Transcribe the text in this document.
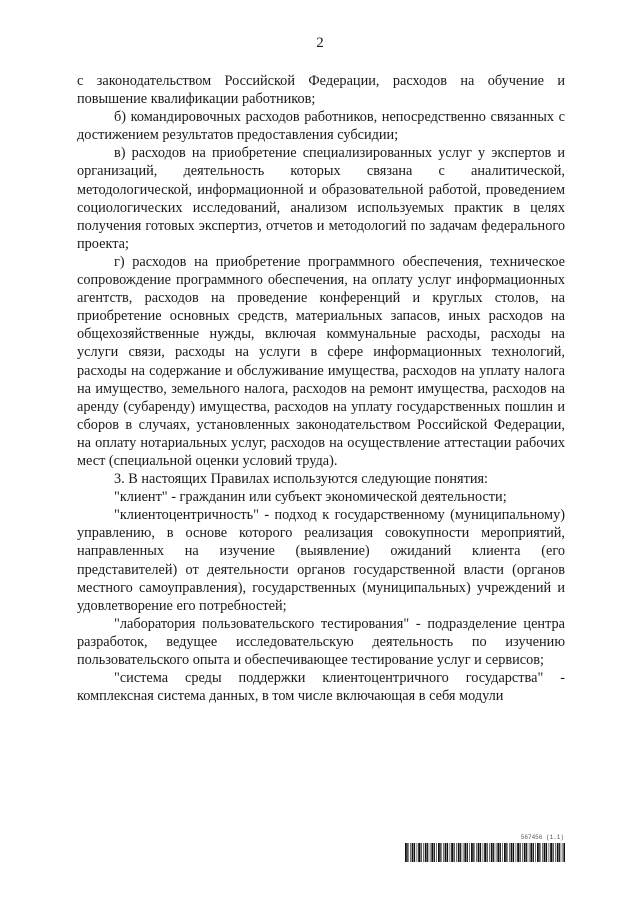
2

с законодательством Российской Федерации, расходов на обучение и повышение квалификации работников;

б) командировочных расходов работников, непосредственно связанных с достижением результатов предоставления субсидии;

в) расходов на приобретение специализированных услуг у экспертов и организаций, деятельность которых связана с аналитической, методологической, информационной и образовательной работой, проведением социологических исследований, анализом используемых практик в целях получения готовых экспертиз, отчетов и методологий по задачам федерального проекта;

г) расходов на приобретение программного обеспечения, техническое сопровождение программного обеспечения, на оплату услуг информационных агентств, расходов на проведение конференций и круглых столов, на приобретение основных средств, материальных запасов, иных расходов на общехозяйственные нужды, включая коммунальные расходы, расходы на услуги связи, расходы на услуги в сфере информационных технологий, расходы на содержание и обслуживание имущества, расходов на уплату налога на имущество, земельного налога, расходов на ремонт имущества, расходов на аренду (субаренду) имущества, расходов на уплату государственных пошлин и сборов в случаях, установленных законодательством Российской Федерации, на оплату нотариальных услуг, расходов на осуществление аттестации рабочих мест (специальной оценки условий труда).

3. В настоящих Правилах используются следующие понятия:

"клиент" - гражданин или субъект экономической деятельности;

"клиентоцентричность" - подход к государственному (муниципальному) управлению, в основе которого реализация совокупности мероприятий, направленных на изучение (выявление) ожиданий клиента (его представителей) от деятельности органов государственной власти (органов местного самоуправления), государственных (муниципальных) учреждений и удовлетворение его потребностей;

"лаборатория пользовательского тестирования" - подразделение центра разработок, ведущее исследовательскую деятельность по изучению пользовательского опыта и обеспечивающее тестирование услуг и сервисов;

"система среды поддержки клиентоцентричного государства" - комплексная система данных, в том числе включающая в себя модули

567456 (1.1)
